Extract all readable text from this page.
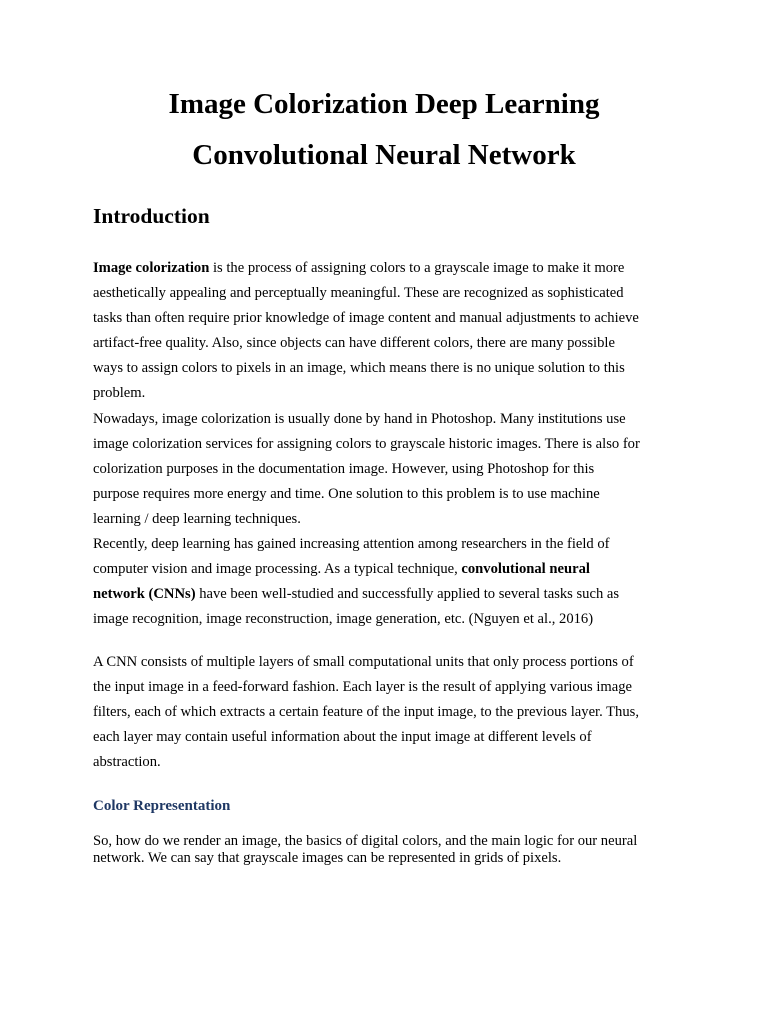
Image Colorization Deep Learning
Convolutional Neural Network
Introduction

Image colorization is the process of assigning colors to a grayscale image to make it more
aesthetically appealing and perceptually meaningful. These are recognized as sophisticated
tasks than often require prior knowledge of image content and manual adjustments to achieve
artifact-free quality. Also, since objects can have different colors, there are many possible
ways to assign colors to pixels in an image, which means there is no unique solution to this
problem.

Nowadays, image colorization is usually done by hand in Photoshop. Many institutions use
image colorization services for assigning colors to grayscale historic images. There is also for
colorization purposes in the documentation image. However, using Photoshop for this
purpose requires more energy and time. One solution to this problem is to use machine
learning / deep learning techniques.

Recently, deep learning has gained increasing attention among researchers in the field of
computer vision and image processing. As a typical technique, convolutional neural
network (CNNs) have been well-studied and successfully applied to several tasks such as
image recognition, image reconstruction, image generation, etc. (Nguyen et al., 2016)

A CNN consists of multiple layers of small computational units that only process portions of
the input image in a feed-forward fashion. Each layer is the result of applying various image
filters, each of which extracts a certain feature of the input image, to the previous layer. Thus,
each layer may contain useful information about the input image at different levels of
abstraction.

Color Representation

So, how do we render an image, the basics of digital colors, and the main logic for our neural
network. We can say that grayscale images can be represented in grids of pixels.
